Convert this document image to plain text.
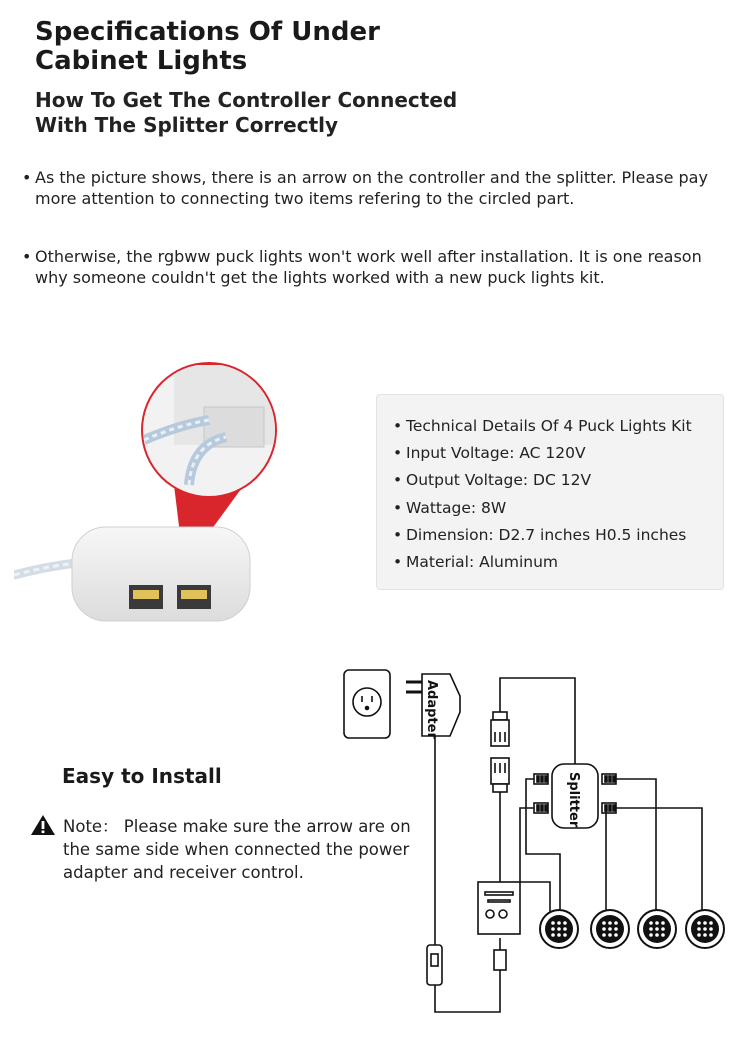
Specifications Of Under Cabinet Lights
How To Get The Controller Connected With The Splitter Correctly

• As the picture shows, there is an arrow on the controller and the splitter. Please pay more attention to connecting two items refering to the circled part.

• Otherwise, the rgbww puck lights won't work well after installation. It is one reason why someone couldn't get the lights worked with a new puck lights kit.

• Technical Details Of 4 Puck Lights Kit
• Input Voltage: AC 120V
• Output Voltage: DC 12V
• Wattage: 8W
• Dimension: D2.7 inches H0.5 inches
• Material: Aluminum
Easy to Install

Note： Please make sure the arrow are on the same side when connected the power adapter and receiver control.

Adapter
Splitter
